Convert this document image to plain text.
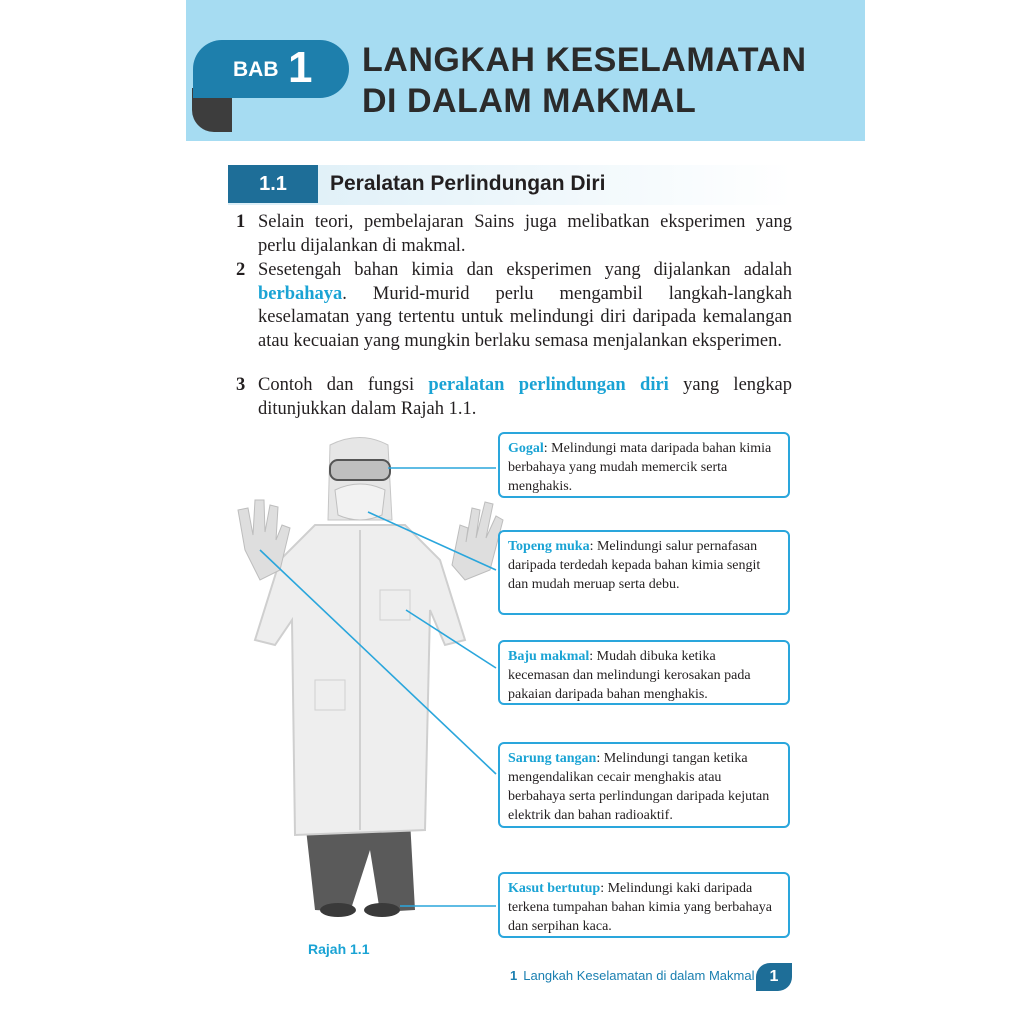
BAB 1 LANGKAH KESELAMATAN DI DALAM MAKMAL
1.1	Peralatan Perlindungan Diri
1 Selain teori, pembelajaran Sains juga melibatkan eksperimen yang perlu dijalankan di makmal.
2 Sesetengah bahan kimia dan eksperimen yang dijalankan adalah berbahaya. Murid-murid perlu mengambil langkah-langkah keselamatan yang tertentu untuk melindungi diri daripada kemalangan atau kecuaian yang mungkin berlaku semasa menjalankan eksperimen.
3 Contoh dan fungsi peralatan perlindungan diri yang lengkap ditunjukkan dalam Rajah 1.1.
Gogal: Melindungi mata daripada bahan kimia berbahaya yang mudah memercik serta menghakis.
Topeng muka: Melindungi salur pernafasan daripada terdedah kepada bahan kimia sengit dan mudah meruap serta debu.
Baju makmal: Mudah dibuka ketika kecemasan dan melindungi kerosakan pada pakaian daripada bahan menghakis.
Sarung tangan: Melindungi tangan ketika mengendalikan cecair menghakis atau berbahaya serta perlindungan daripada kejutan elektrik dan bahan radioaktif.
Kasut bertutup: Melindungi kaki daripada terkena tumpahan bahan kimia yang berbahaya dan serpihan kaca.
Rajah 1.1
1 Langkah Keselamatan di dalam Makmal 1
